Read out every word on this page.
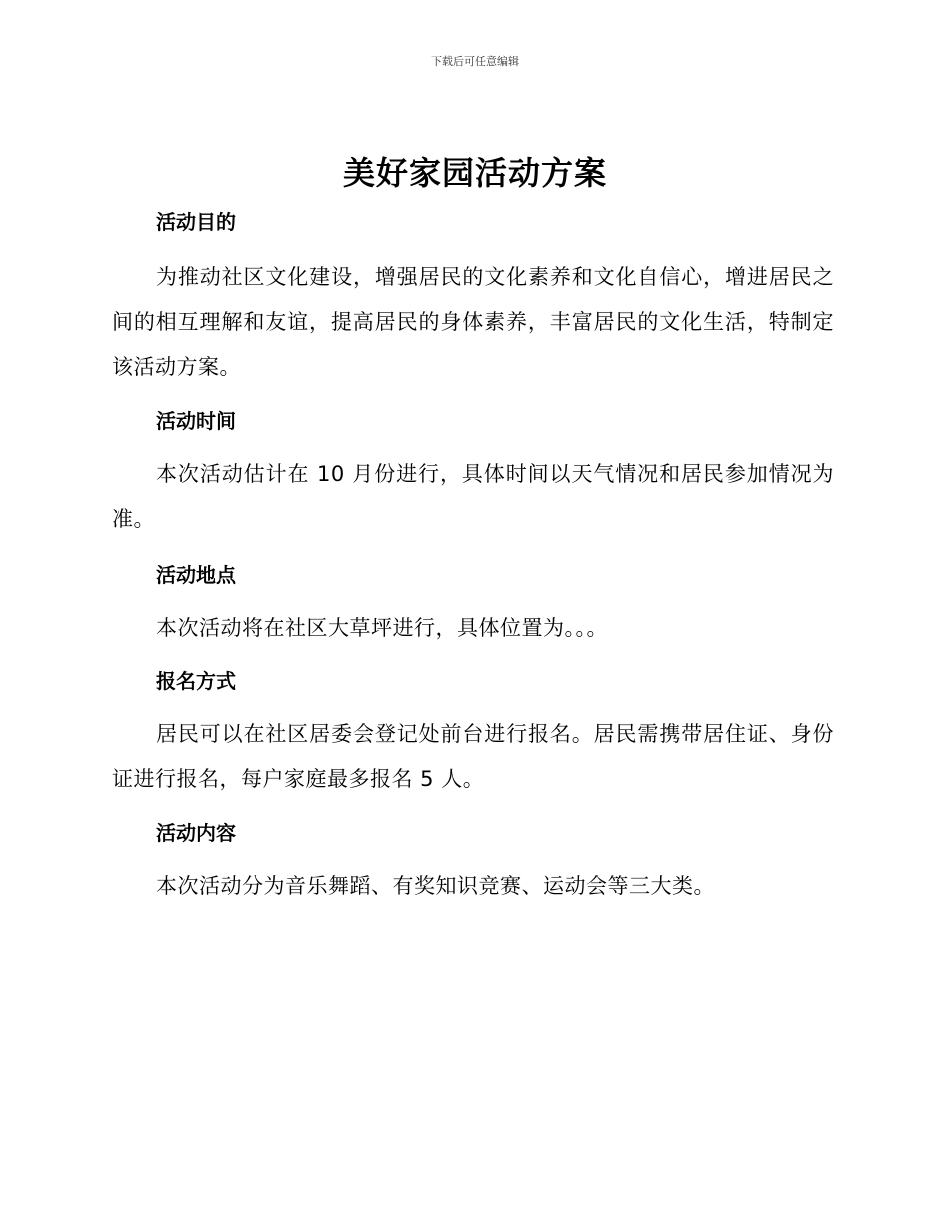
下载后可任意编辑
美好家园活动方案
活动目的

为推动社区文化建设，增强居民的文化素养和文化自信心，增进居民之间的相互理解和友谊，提高居民的身体素养，丰富居民的文化生活，特制定该活动方案。

活动时间

本次活动估计在 10 月份进行，具体时间以天气情况和居民参加情况为准。

活动地点

本次活动将在社区大草坪进行，具体位置为。。。

报名方式

居民可以在社区居委会登记处前台进行报名。居民需携带居住证、身份证进行报名，每户家庭最多报名 5 人。

活动内容

本次活动分为音乐舞蹈、有奖知识竞赛、运动会等三大类。
